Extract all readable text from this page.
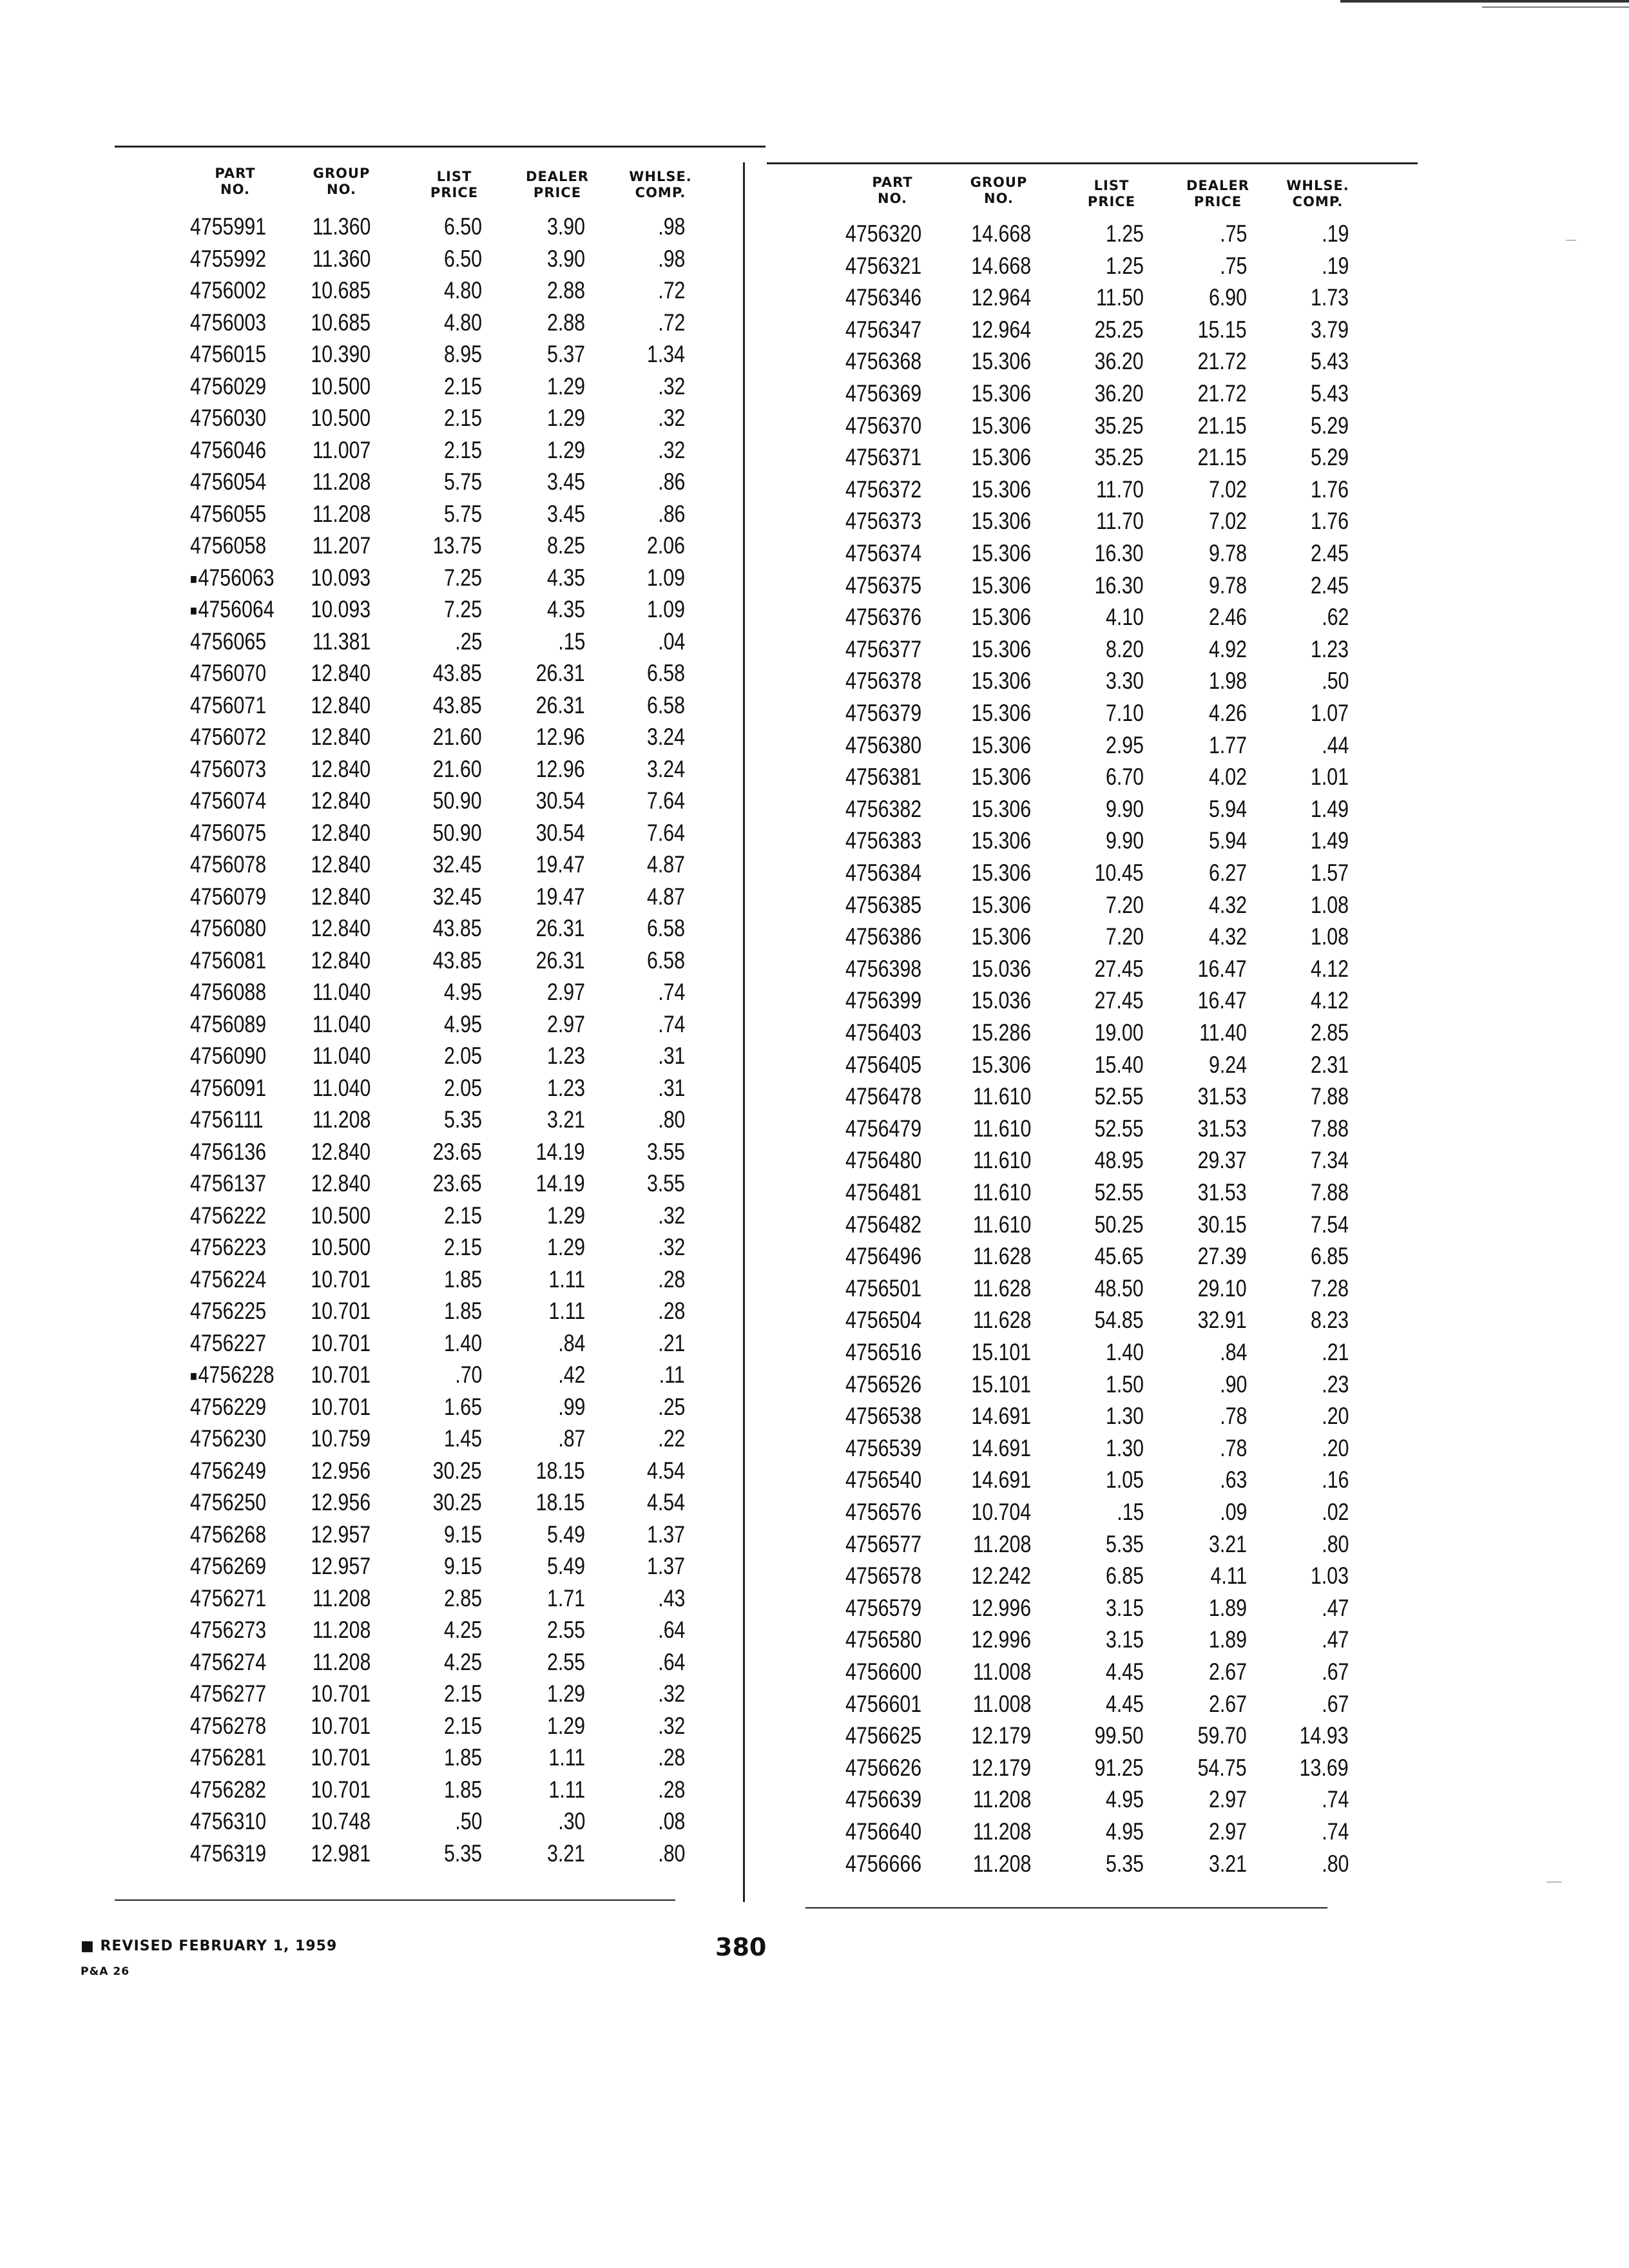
PART
NO.
GROUP
NO.
LIST
PRICE
DEALER
PRICE
WHLSE.
COMP.
PART
NO.
GROUP
NO.
LIST
PRICE
DEALER
PRICE
WHLSE.
COMP.
4755991 11.360	6.50	3.90	.98
4755992 11.360	6.50	3.90	.98
4756002 10.685	4.80	2.88	.72
4756003 10.685	4.80	2.88	.72
4756015 10.390	8.95	5.37	1.34
4756029 10.500	2.15	1.29	.32
4756030 10.500	2.15	1.29	.32
4756046 11.007	2.15	1.29	.32
4756054 11.208	5.75	3.45	.86
4756055 11.208	5.75	3.45	.86
4756058 11.207	13.75	8.25	2.06
■4756063 10.093	7.25	4.35	1.09
■4756064 10.093	7.25	4.35	1.09
4756065 11.381	.25	.15	.04
4756070 12.840	43.85 26.31	6.58
4756071 12.840	43.85 26.31	6.58
4756072 12.840	21.60 12.96	3.24
4756073 12.840	21.60 12.96	3.24
4756074 12.840	50.90 30.54	7.64
4756075 12.840	50.90 30.54	7.64
4756078 12.840	32.45 19.47	4.87
4756079 12.840	32.45 19.47	4.87
4756080 12.840	43.85 26.31	6.58
4756081 12.840	43.85 26.31	6.58
4756088 11.040	4.95	2.97	.74
4756089 11.040	4.95	2.97	.74
4756090 11.040	2.05	1.23	.31
4756091 11.040	2.05	1.23	.31
4756111 11.208	5.35	3.21	.80
4756136 12.840	23.65 14.19	3.55
4756137 12.840	23.65 14.19	3.55
4756222 10.500	2.15	1.29	.32
4756223 10.500	2.15	1.29	.32
4756224 10.701	1.85	1.11	.28
4756225 10.701	1.85	1.11	.28
4756227 10.701	1.40	.84	.21
■4756228 10.701	.70	.42	.11
4756229 10.701	1.65	.99	.25
4756230 10.759	1.45	.87	.22
4756249 12.956	30.25 18.15	4.54
4756250 12.956	30.25 18.15	4.54
4756268 12.957	9.15	5.49	1.37
4756269 12.957	9.15	5.49	1.37
4756271 11.208	2.85	1.71	.43
4756273 11.208	4.25	2.55	.64
4756274 11.208	4.25	2.55	.64
4756277 10.701	2.15	1.29	.32
4756278 10.701	2.15	1.29	.32
4756281 10.701	1.85	1.11	.28
4756282 10.701	1.85	1.11	.28
4756310 10.748	.50	.30	.08
4756319 12.981	5.35	3.21	.80
4756320 14.668	1.25	.75	.19
4756321 14.668	1.25	.75	.19
4756346 12.964	11.50	6.90	1.73
4756347 12.964	25.25 15.15	3.79
4756368 15.306	36.20 21.72	5.43
4756369 15.306	36.20 21.72	5.43
4756370 15.306	35.25 21.15	5.29
4756371 15.306	35.25 21.15	5.29
4756372 15.306	11.70	7.02	1.76
4756373 15.306	11.70	7.02	1.76
4756374 15.306	16.30	9.78	2.45
4756375 15.306	16.30	9.78	2.45
4756376 15.306	4.10	2.46	.62
4756377 15.306	8.20	4.92	1.23
4756378 15.306	3.30	1.98	.50
4756379 15.306	7.10	4.26	1.07
4756380 15.306	2.95	1.77	.44
4756381 15.306	6.70	4.02	1.01
4756382 15.306	9.90	5.94	1.49
4756383 15.306	9.90	5.94	1.49
4756384 15.306	10.45	6.27	1.57
4756385 15.306	7.20	4.32	1.08
4756386 15.306	7.20	4.32	1.08
4756398 15.036	27.45 16.47	4.12
4756399 15.036	27.45 16.47	4.12
4756403 15.286	19.00 11.40	2.85
4756405 15.306	15.40	9.24	2.31
4756478 11.610	52.55 31.53	7.88
4756479 11.610	52.55 31.53	7.88
4756480 11.610	48.95 29.37	7.34
4756481 11.610	52.55 31.53	7.88
4756482 11.610	50.25 30.15	7.54
4756496 11.628	45.65 27.39	6.85
4756501 11.628	48.50 29.10	7.28
4756504 11.628	54.85 32.91	8.23
4756516 15.101	1.40	.84	.21
4756526 15.101	1.50	.90	.23
4756538 14.691	1.30	.78	.20
4756539 14.691	1.30	.78	.20
4756540 14.691	1.05	.63	.16
4756576 10.704	.15	.09	.02
4756577 11.208	5.35	3.21	.80
4756578 12.242	6.85	4.11	1.03
4756579 12.996	3.15	1.89	.47
4756580 12.996	3.15	1.89	.47
4756600 11.008	4.45	2.67	.67
4756601 11.008	4.45	2.67	.67
4756625 12.179	99.50 59.70 14.93
4756626 12.179	91.25 54.75 13.69
4756639 11.208	4.95	2.97	.74
4756640 11.208	4.95	2.97	.74
4756666 11.208	5.35	3.21	.80
■ REVISED FEBRUARY 1, 1959
P&A 26
380
